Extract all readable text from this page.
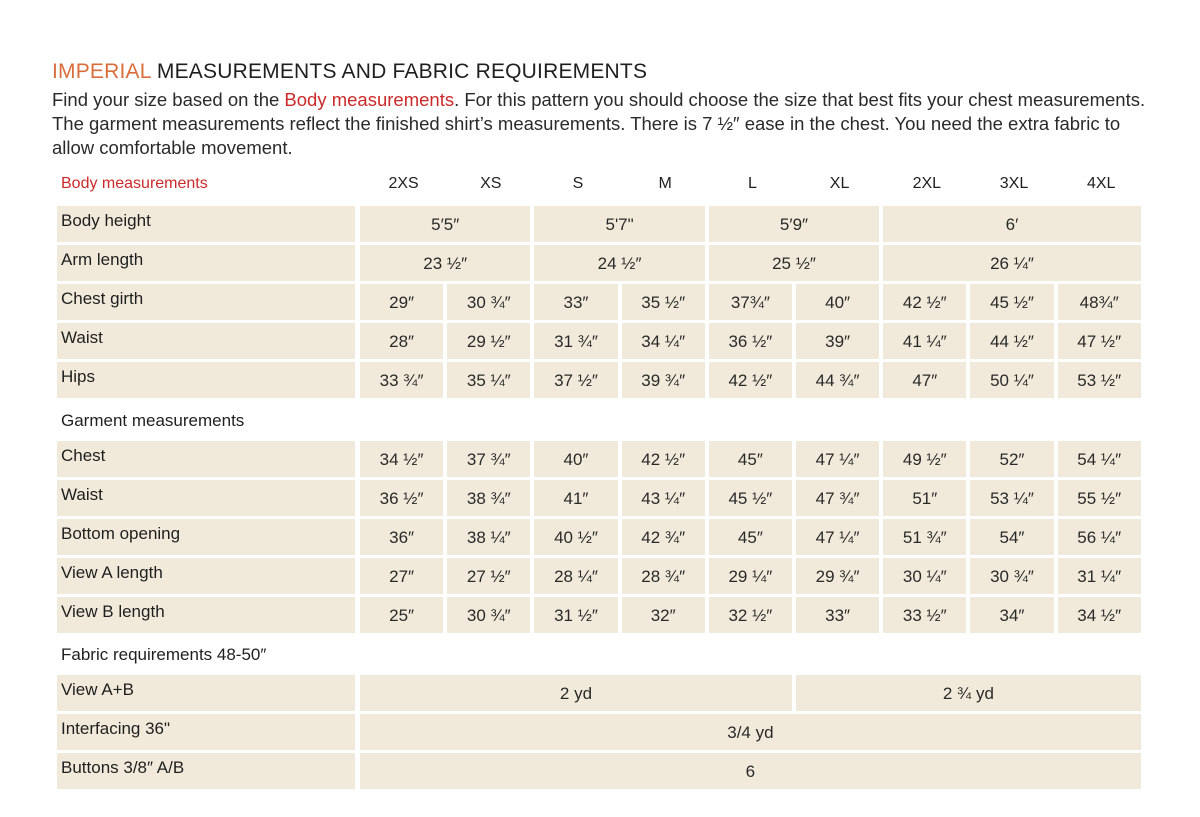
IMPERIAL MEASUREMENTS AND FABRIC REQUIREMENTS
Find your size based on the Body measurements. For this pattern you should choose the size that best fits your chest measurements. The garment measurements reflect the finished shirt’s measurements. There is 7 ½″ ease in the chest. You need the extra fabric to allow comfortable movement.
Body measurements	2XS	XS	S	M	L	XL	2XL	3XL	4XL
Body height	5′5″	5'7"	5′9″	6′
Arm length	23 ½″	24 ½″	25 ½″	26 ¼″
Chest girth	29″	30 ¾″	33″	35 ½″	37¾″	40″	42 ½″	45 ½″	48¾″
Waist	28″	29 ½″	31 ¾″	34 ¼″	36 ½″	39″	41 ¼″	44 ½″	47 ½″
Hips	33 ¾″	35 ¼″	37 ½″	39 ¾″	42 ½″	44 ¾″	47″	50 ¼″	53 ½″
Garment measurements
Chest	34 ½″	37 ¾″	40″	42 ½″	45″	47 ¼″	49 ½″	52″	54 ¼″
Waist	36 ½″	38 ¾″	41″	43 ¼″	45 ½″	47 ¾″	51″	53 ¼″	55 ½″
Bottom opening	36″	38 ¼″	40 ½″	42 ¾″	45″	47 ¼″	51 ¾″	54″	56 ¼″
View A length	27″	27 ½″	28 ¼″	28 ¾″	29 ¼″	29 ¾″	30 ¼″	30 ¾″	31 ¼″
View B length	25″	30 ¾″	31 ½″	32″	32 ½″	33″	33 ½″	34″	34 ½″
Fabric requirements 48-50″
View A+B	2 yd	2 ¾ yd
Interfacing 36"	3/4 yd
Buttons 3/8″ A/B	6
